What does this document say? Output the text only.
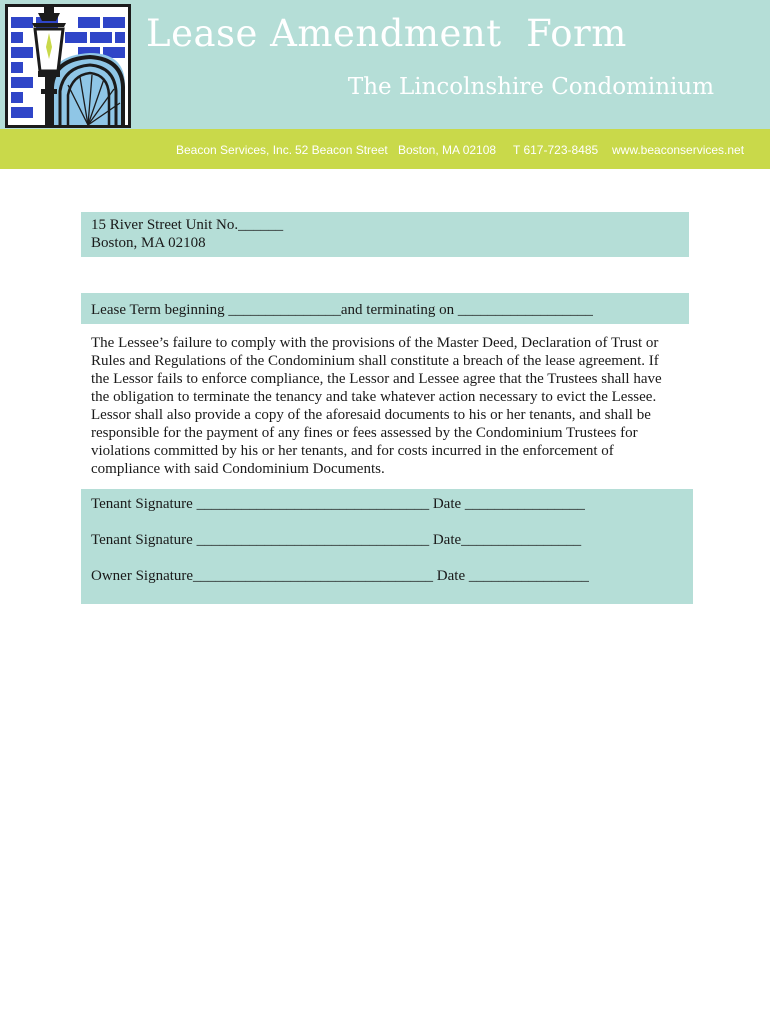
Lease Amendment  Form
The Lincolnshire Condominium
Beacon Services, Inc. 52 Beacon Street Boston, MA 02108 T 617-723-8485 www.beaconservices.net
15 River Street Unit No.______
Boston, MA 02108
Lease Term beginning _______________and terminating on __________________
The Lessee’s failure to comply with the provisions of the Master Deed, Declaration of Trust or
Rules and Regulations of the Condominium shall constitute a breach of the lease agreement. If
the Lessor fails to enforce compliance, the Lessor and Lessee agree that the Trustees shall have
the obligation to terminate the tenancy and take whatever action necessary to evict the Lessee.
Lessor shall also provide a copy of the aforesaid documents to his or her tenants, and shall be
responsible for the payment of any fines or fees assessed by the Condominium Trustees for
violations committed by his or her tenants, and for costs incurred in the enforcement of
compliance with said Condominium Documents.
Tenant Signature _______________________________ Date ________________
Tenant Signature _______________________________ Date________________
Owner Signature________________________________ Date ________________
